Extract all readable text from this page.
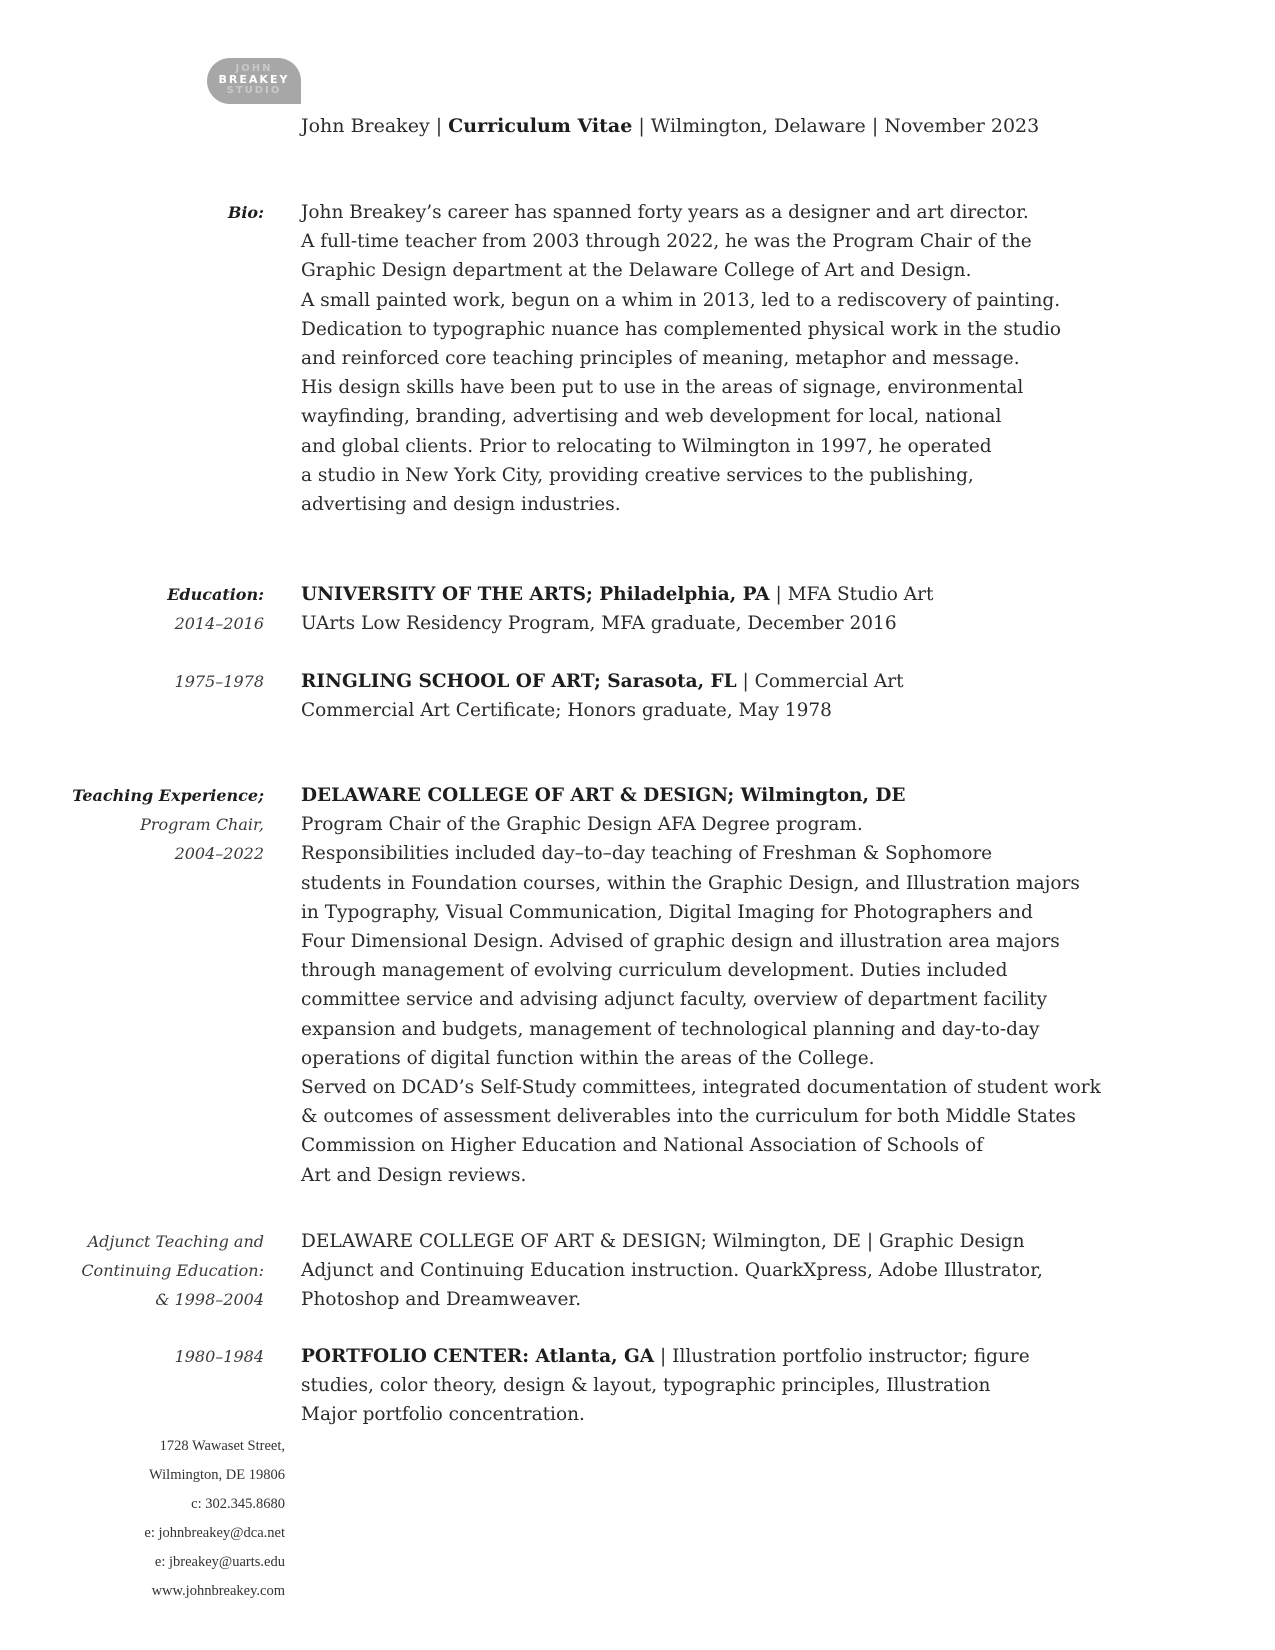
JOHN
BREAKEY
STUDIO
John Breakey | Curriculum Vitae | Wilmington, Delaware | November 2023
Bio: John Breakey’s career has spanned forty years as a designer and art director.
A full-time teacher from 2003 through 2022, he was the Program Chair of the
Graphic Design department at the Delaware College of Art and Design.
A small painted work, begun on a whim in 2013, led to a rediscovery of painting.
Dedication to typographic nuance has complemented physical work in the studio
and reinforced core teaching principles of meaning, metaphor and message.
His design skills have been put to use in the areas of signage, environmental
wayfinding, branding, advertising and web development for local, national
and global clients. Prior to relocating to Wilmington in 1997, he operated
a studio in New York City, providing creative services to the publishing,
advertising and design industries.
Education:
2014–2016
UNIVERSITY OF THE ARTS; Philadelphia, PA | MFA Studio Art
UArts Low Residency Program, MFA graduate, December 2016
1975–1978 RINGLING SCHOOL OF ART; Sarasota, FL | Commercial Art
Commercial Art Certificate; Honors graduate, May 1978
Teaching Experience;
Program Chair,
2004–2022
DELAWARE COLLEGE OF ART & DESIGN; Wilmington, DE
Program Chair of the Graphic Design AFA Degree program.
Responsibilities included day–to–day teaching of Freshman & Sophomore
students in Foundation courses, within the Graphic Design, and Illustration majors
in Typography, Visual Communication, Digital Imaging for Photographers and
Four Dimensional Design. Advised of graphic design and illustration area majors
through management of evolving curriculum development. Duties included
committee service and advising adjunct faculty, overview of department facility
expansion and budgets, management of technological planning and day-to-day
operations of digital function within the areas of the College.
Served on DCAD’s Self-Study committees, integrated documentation of student work
& outcomes of assessment deliverables into the curriculum for both Middle States
Commission on Higher Education and National Association of Schools of
Art and Design reviews.
Adjunct Teaching and
Continuing Education:
& 1998–2004
DELAWARE COLLEGE OF ART & DESIGN; Wilmington, DE | Graphic Design
Adjunct and Continuing Education instruction. QuarkXpress, Adobe Illustrator,
Photoshop and Dreamweaver.
1980–1984 PORTFOLIO CENTER: Atlanta, GA | Illustration portfolio instructor; figure
studies, color theory, design & layout, typographic principles, Illustration
Major portfolio concentration.
1728 Wawaset Street,
Wilmington, DE 19806
c: 302.345.8680
e: johnbreakey@dca.net
e: jbreakey@uarts.edu
www.johnbreakey.com
